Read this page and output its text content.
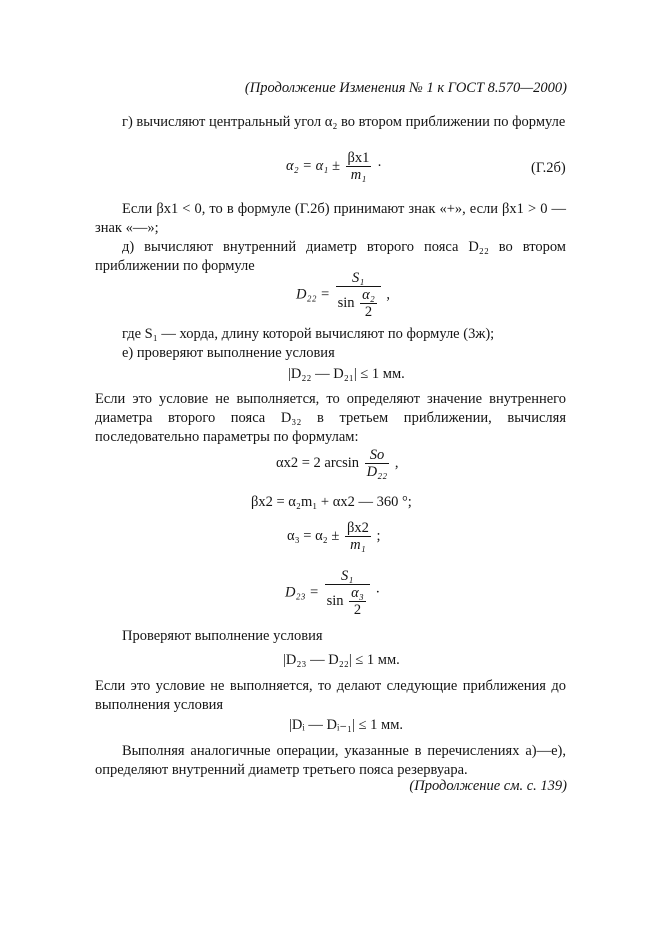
(Продолжение Изменения № 1 к ГОСТ 8.570—2000)
г) вычисляют центральный угол α₂ во втором приближении по формуле
$\alpha_2 = \alpha_1 \pm \frac{\beta x1}{\text{m₁}}$ ·	(Г.2б)
Если βx1 < 0, то в формуле (Г.2б) принимают знак «+», если βx1 > 0 — знак «—»;
д) вычисляют внутренний диаметр второго пояса D₂₂ во втором приближении по формуле
$D_{22} = \frac{\text{S₁}}{\sin \frac{\text{α₂}}{2}}$ ,
где S₁ — хорда, длину которой вычисляют по формуле (3ж);
е) проверяют выполнение условия
|D₂₂ — D₂₁| ≤ 1 мм.
Если это условие не выполняется, то определяют значение внутреннего диаметра второго пояса D₃₂ в третьем приближении, вычисляя последовательно параметры по формулам:
αx2 = 2 arcsin Sо
D₂₂
,
βx2 = α₂m₁ + αx2 — 360 °;
$\alpha_3 = \alpha_2 \pm \frac{\beta x2}{\text{m₁}}$ ;
$D_{23} = \frac{\text{S₁}}{\sin \frac{\text{α₃}}{2}}$ ·
Проверяют выполнение условия
|D₂₃ — D₂₂| ≤ 1 мм.
Если это условие не выполняется, то делают следующие приближения до выполнения условия
|Dᵢ — Dᵢ₋₁| ≤ 1 мм.
Выполняя аналогичные операции, указанные в перечислениях а)—е), определяют внутренний диаметр третьего пояса резервуара.
(Продолжение см. с. 139)
